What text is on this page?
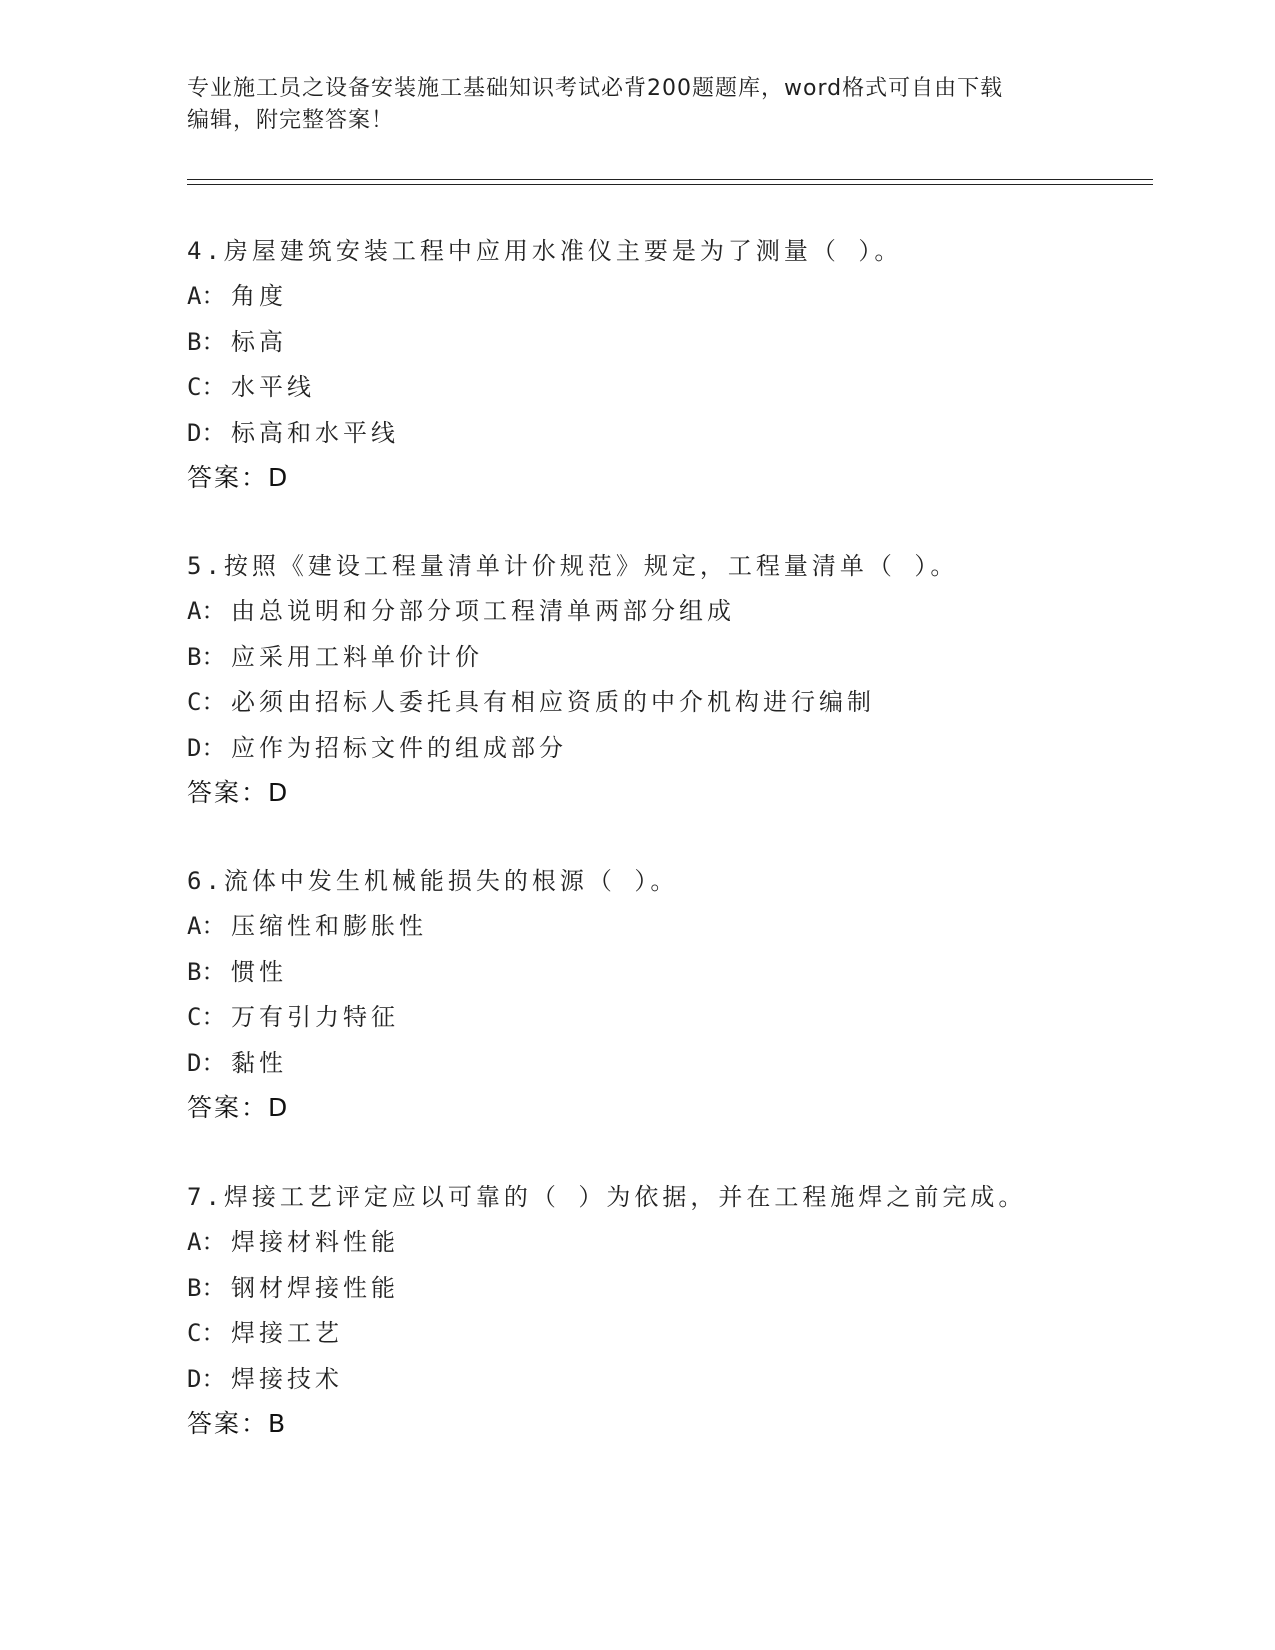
专业施工员之设备安装施工基础知识考试必背200题题库，word格式可自由下载
编辑，附完整答案！
4.房屋建筑安装工程中应用水准仪主要是为了测量（ ）。
A： 角度
B： 标高
C： 水平线
D： 标高和水平线
答案：D
5.按照《建设工程量清单计价规范》规定，工程量清单（ ）。
A： 由总说明和分部分项工程清单两部分组成
B： 应采用工料单价计价
C： 必须由招标人委托具有相应资质的中介机构进行编制
D： 应作为招标文件的组成部分
答案：D
6.流体中发生机械能损失的根源（ ）。
A： 压缩性和膨胀性
B： 惯性
C： 万有引力特征
D： 黏性
答案：D
7.焊接工艺评定应以可靠的（ ）为依据，并在工程施焊之前完成。
A： 焊接材料性能
B： 钢材焊接性能
C： 焊接工艺
D： 焊接技术
答案：B
